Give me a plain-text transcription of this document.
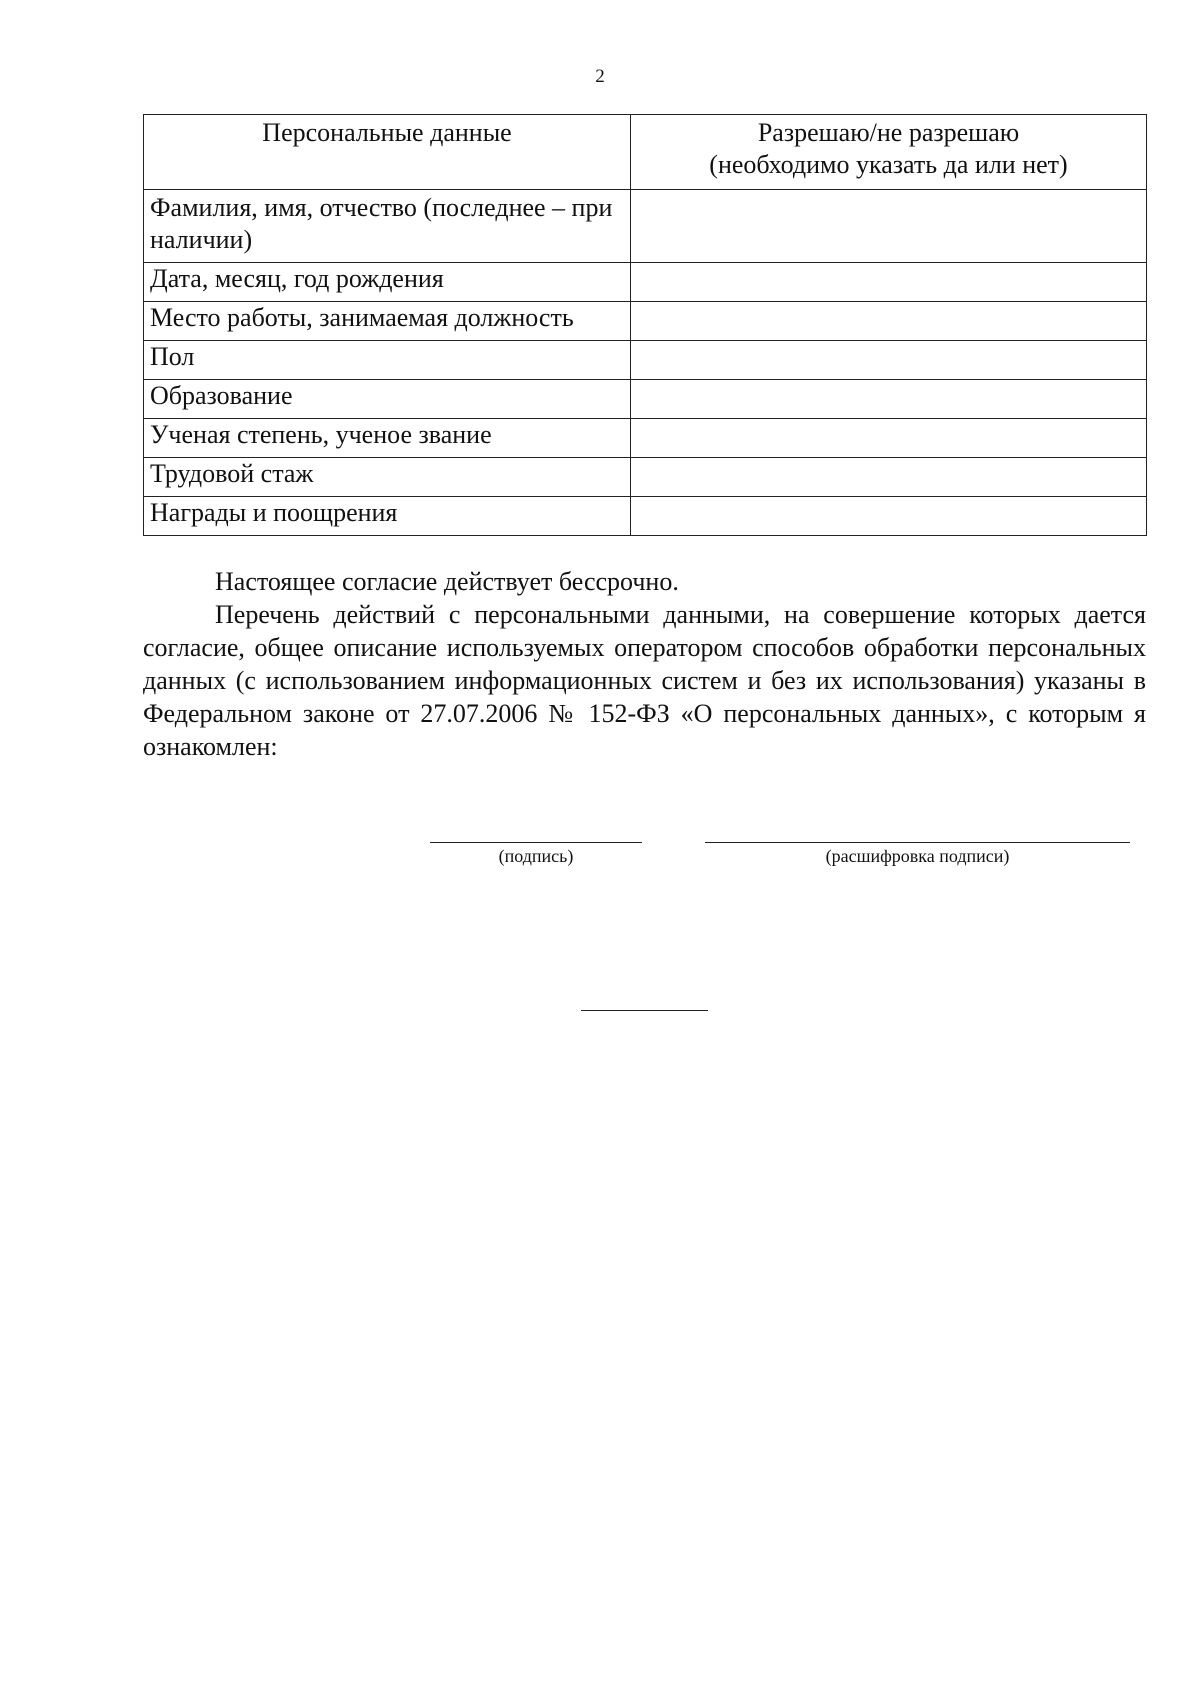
2
Персональные данные	Разрешаю/не разрешаю
(необходимо указать да или нет)

Фамилия, имя, отчество (последнее – при наличии)	
Дата, месяц, год рождения	
Место работы, занимаемая должность	
Пол	
Образование	
Ученая степень, ученое звание	
Трудовой стаж	
Награды и поощрения	

Настоящее согласие действует бессрочно.

Перечень действий с персональными данными, на совершение которых дается согласие, общее описание используемых оператором способов обработки персональных данных (с использованием информационных систем и без их использования) указаны в Федеральном законе от 27.07.2006 № 152-ФЗ «О персональных данных», с которым я ознакомлен:

(подпись)	(расшифровка подписи)
